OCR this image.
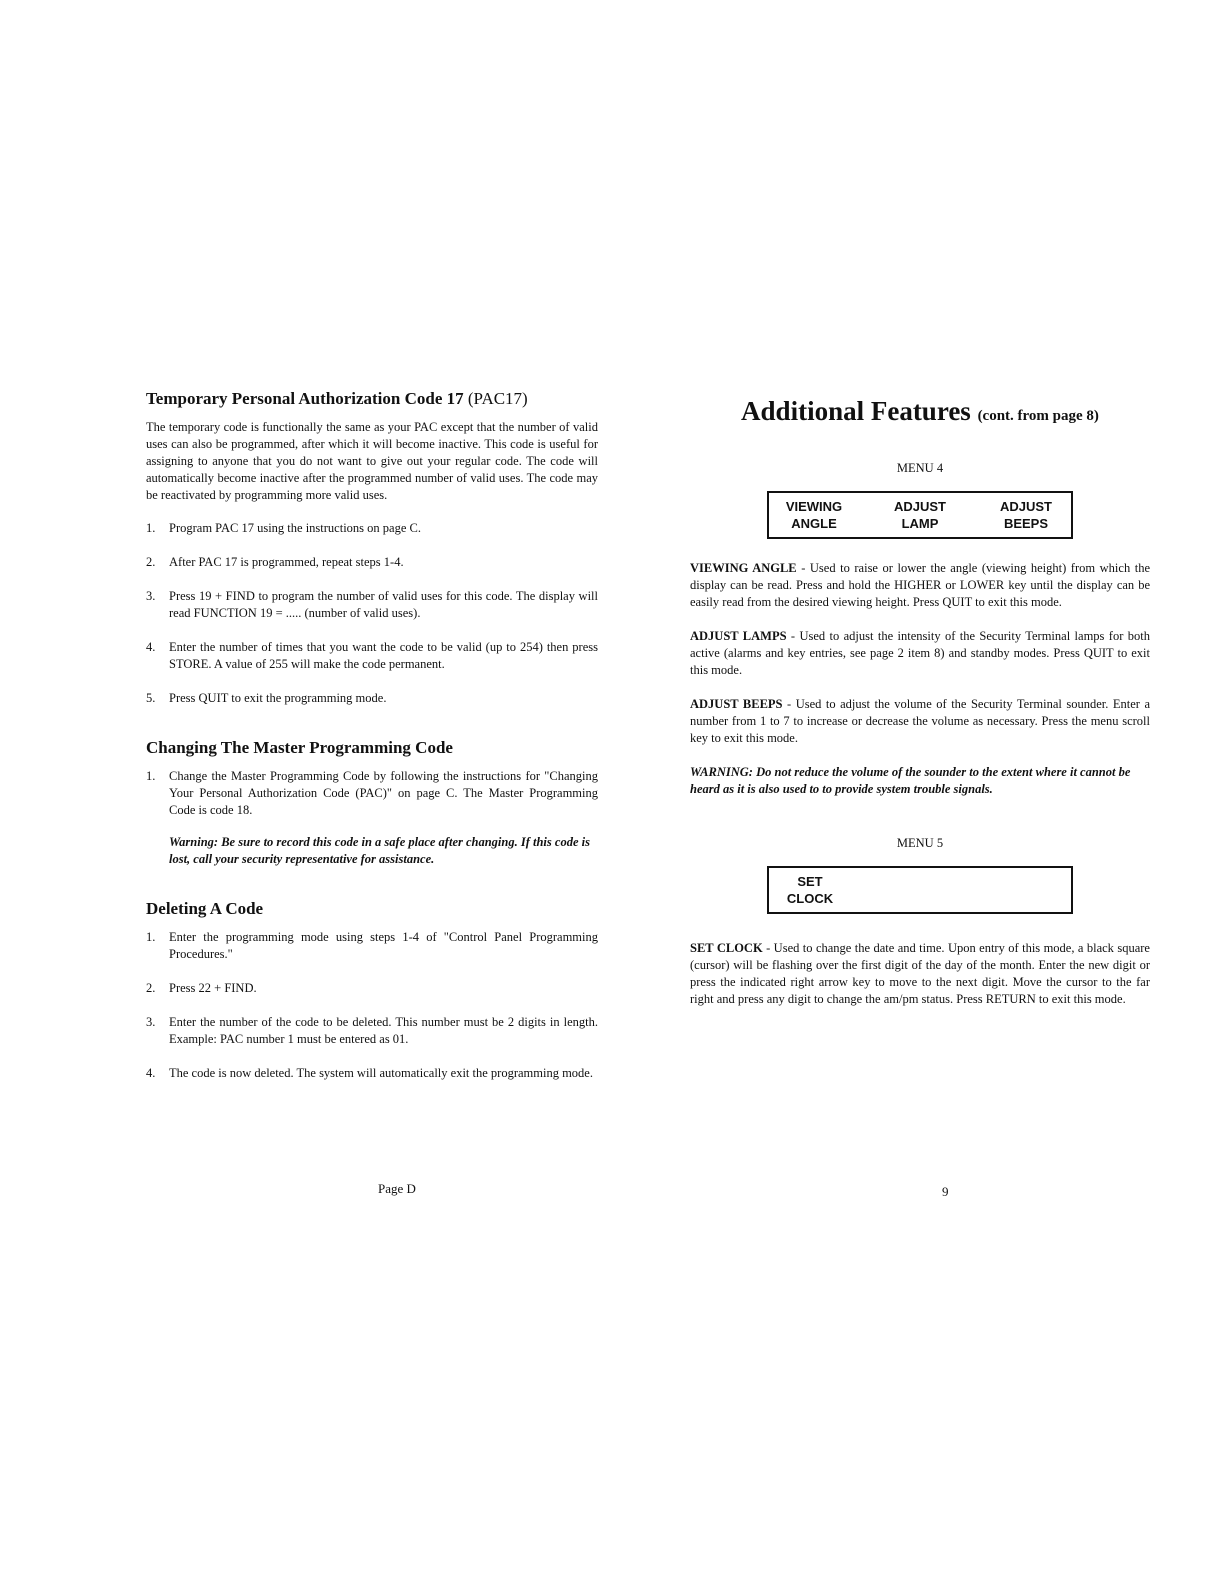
Temporary Personal Authorization Code 17 (PAC17)

The temporary code is functionally the same as your PAC except that the number of valid uses can also be programmed, after which it will become inactive. This code is useful for assigning to anyone that you do not want to give out your regular code. The code will automatically become inactive after the programmed number of valid uses. The code may be reactivated by programming more valid uses.

1. Program PAC 17 using the instructions on page C.
2. After PAC 17 is programmed, repeat steps 1-4.
3. Press 19 + FIND to program the number of valid uses for this code. The display will read FUNCTION 19 = ..... (number of valid uses).
4. Enter the number of times that you want the code to be valid (up to 254) then press STORE. A value of 255 will make the code permanent.
5. Press QUIT to exit the programming mode.
Changing The Master Programming Code
1. Change the Master Programming Code by following the instructions for "Changing Your Personal Authorization Code (PAC)" on page C. The Master Programming Code is code 18.

Warning: Be sure to record this code in a safe place after changing. If this code is lost, call your security representative for assistance.

Deleting A Code
1. Enter the programming mode using steps 1-4 of "Control Panel Programming Procedures."
2. Press 22 + FIND.
3. Enter the number of the code to be deleted. This number must be 2 digits in length. Example: PAC number 1 must be entered as 01.
4. The code is now deleted. The system will automatically exit the programming mode.
Page D
Additional Features (cont. from page 8)
MENU 4
VIEWING
ANGLE
ADJUST
LAMP
ADJUST
BEEPS

VIEWING ANGLE - Used to raise or lower the angle (viewing height) from which the display can be read. Press and hold the HIGHER or LOWER key until the display can be easily read from the desired viewing height. Press QUIT to exit this mode.

ADJUST LAMPS - Used to adjust the intensity of the Security Terminal lamps for both active (alarms and key entries, see page 2 item 8) and standby modes. Press QUIT to exit this mode.

ADJUST BEEPS - Used to adjust the volume of the Security Terminal sounder. Enter a number from 1 to 7 to increase or decrease the volume as necessary. Press the menu scroll key to exit this mode.

WARNING: Do not reduce the volume of the sounder to the extent where it cannot be heard as it is also used to to provide system trouble signals.

MENU 5
SET
CLOCK

SET CLOCK - Used to change the date and time. Upon entry of this mode, a black square (cursor) will be flashing over the first digit of the day of the month. Enter the new digit or press the indicated right arrow key to move to the next digit. Move the cursor to the far right and press any digit to change the am/pm status. Press RETURN to exit this mode.

9
